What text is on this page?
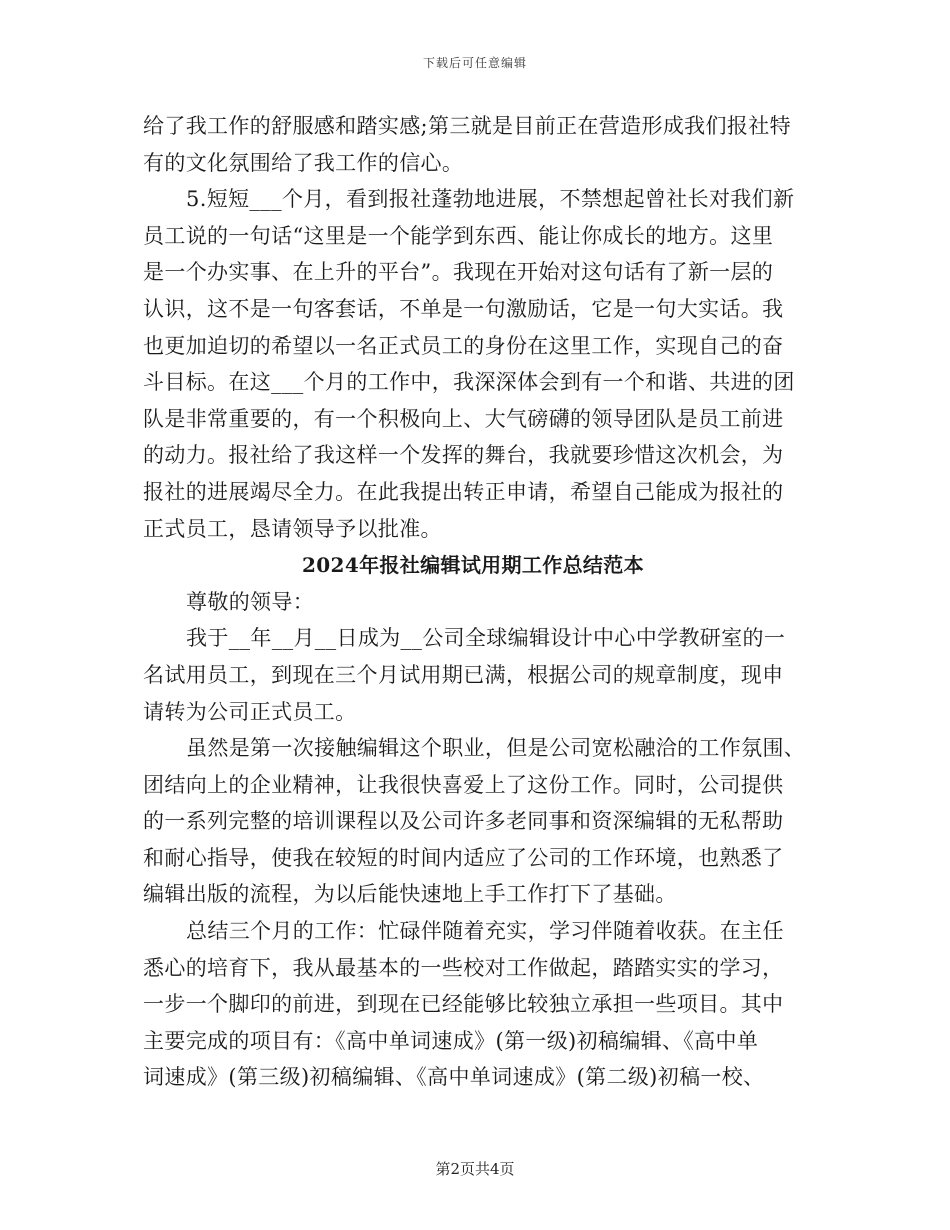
下载后可任意编辑
给了我工作的舒服感和踏实感;第三就是目前正在营造形成我们报社特
有的文化氛围给了我工作的信心。
5.短短___个月，看到报社蓬勃地进展，不禁想起曾社长对我们新
员工说的一句话“这里是一个能学到东西、能让你成长的地方。这里
是一个办实事、在上升的平台”。我现在开始对这句话有了新一层的
认识，这不是一句客套话，不单是一句激励话，它是一句大实话。我
也更加迫切的希望以一名正式员工的身份在这里工作，实现自己的奋
斗目标。在这___个月的工作中，我深深体会到有一个和谐、共进的团
队是非常重要的，有一个积极向上、大气磅礴的领导团队是员工前进
的动力。报社给了我这样一个发挥的舞台，我就要珍惜这次机会，为
报社的进展竭尽全力。在此我提出转正申请，希望自己能成为报社的
正式员工，恳请领导予以批准。
2024年报社编辑试用期工作总结范本
尊敬的领导：
我于__年__月__日成为__公司全球编辑设计中心中学教研室的一
名试用员工，到现在三个月试用期已满，根据公司的规章制度，现申
请转为公司正式员工。
虽然是第一次接触编辑这个职业，但是公司宽松融洽的工作氛围、
团结向上的企业精神，让我很快喜爱上了这份工作。同时，公司提供
的一系列完整的培训课程以及公司许多老同事和资深编辑的无私帮助
和耐心指导，使我在较短的时间内适应了公司的工作环境，也熟悉了
编辑出版的流程，为以后能快速地上手工作打下了基础。
总结三个月的工作：忙碌伴随着充实，学习伴随着收获。在主任
悉心的培育下，我从最基本的一些校对工作做起，踏踏实实的学习，
一步一个脚印的前进，到现在已经能够比较独立承担一些项目。其中
主要完成的项目有：《高中单词速成》(第一级)初稿编辑、《高中单
词速成》(第三级)初稿编辑、《高中单词速成》(第二级)初稿一校、
第2页共4页
